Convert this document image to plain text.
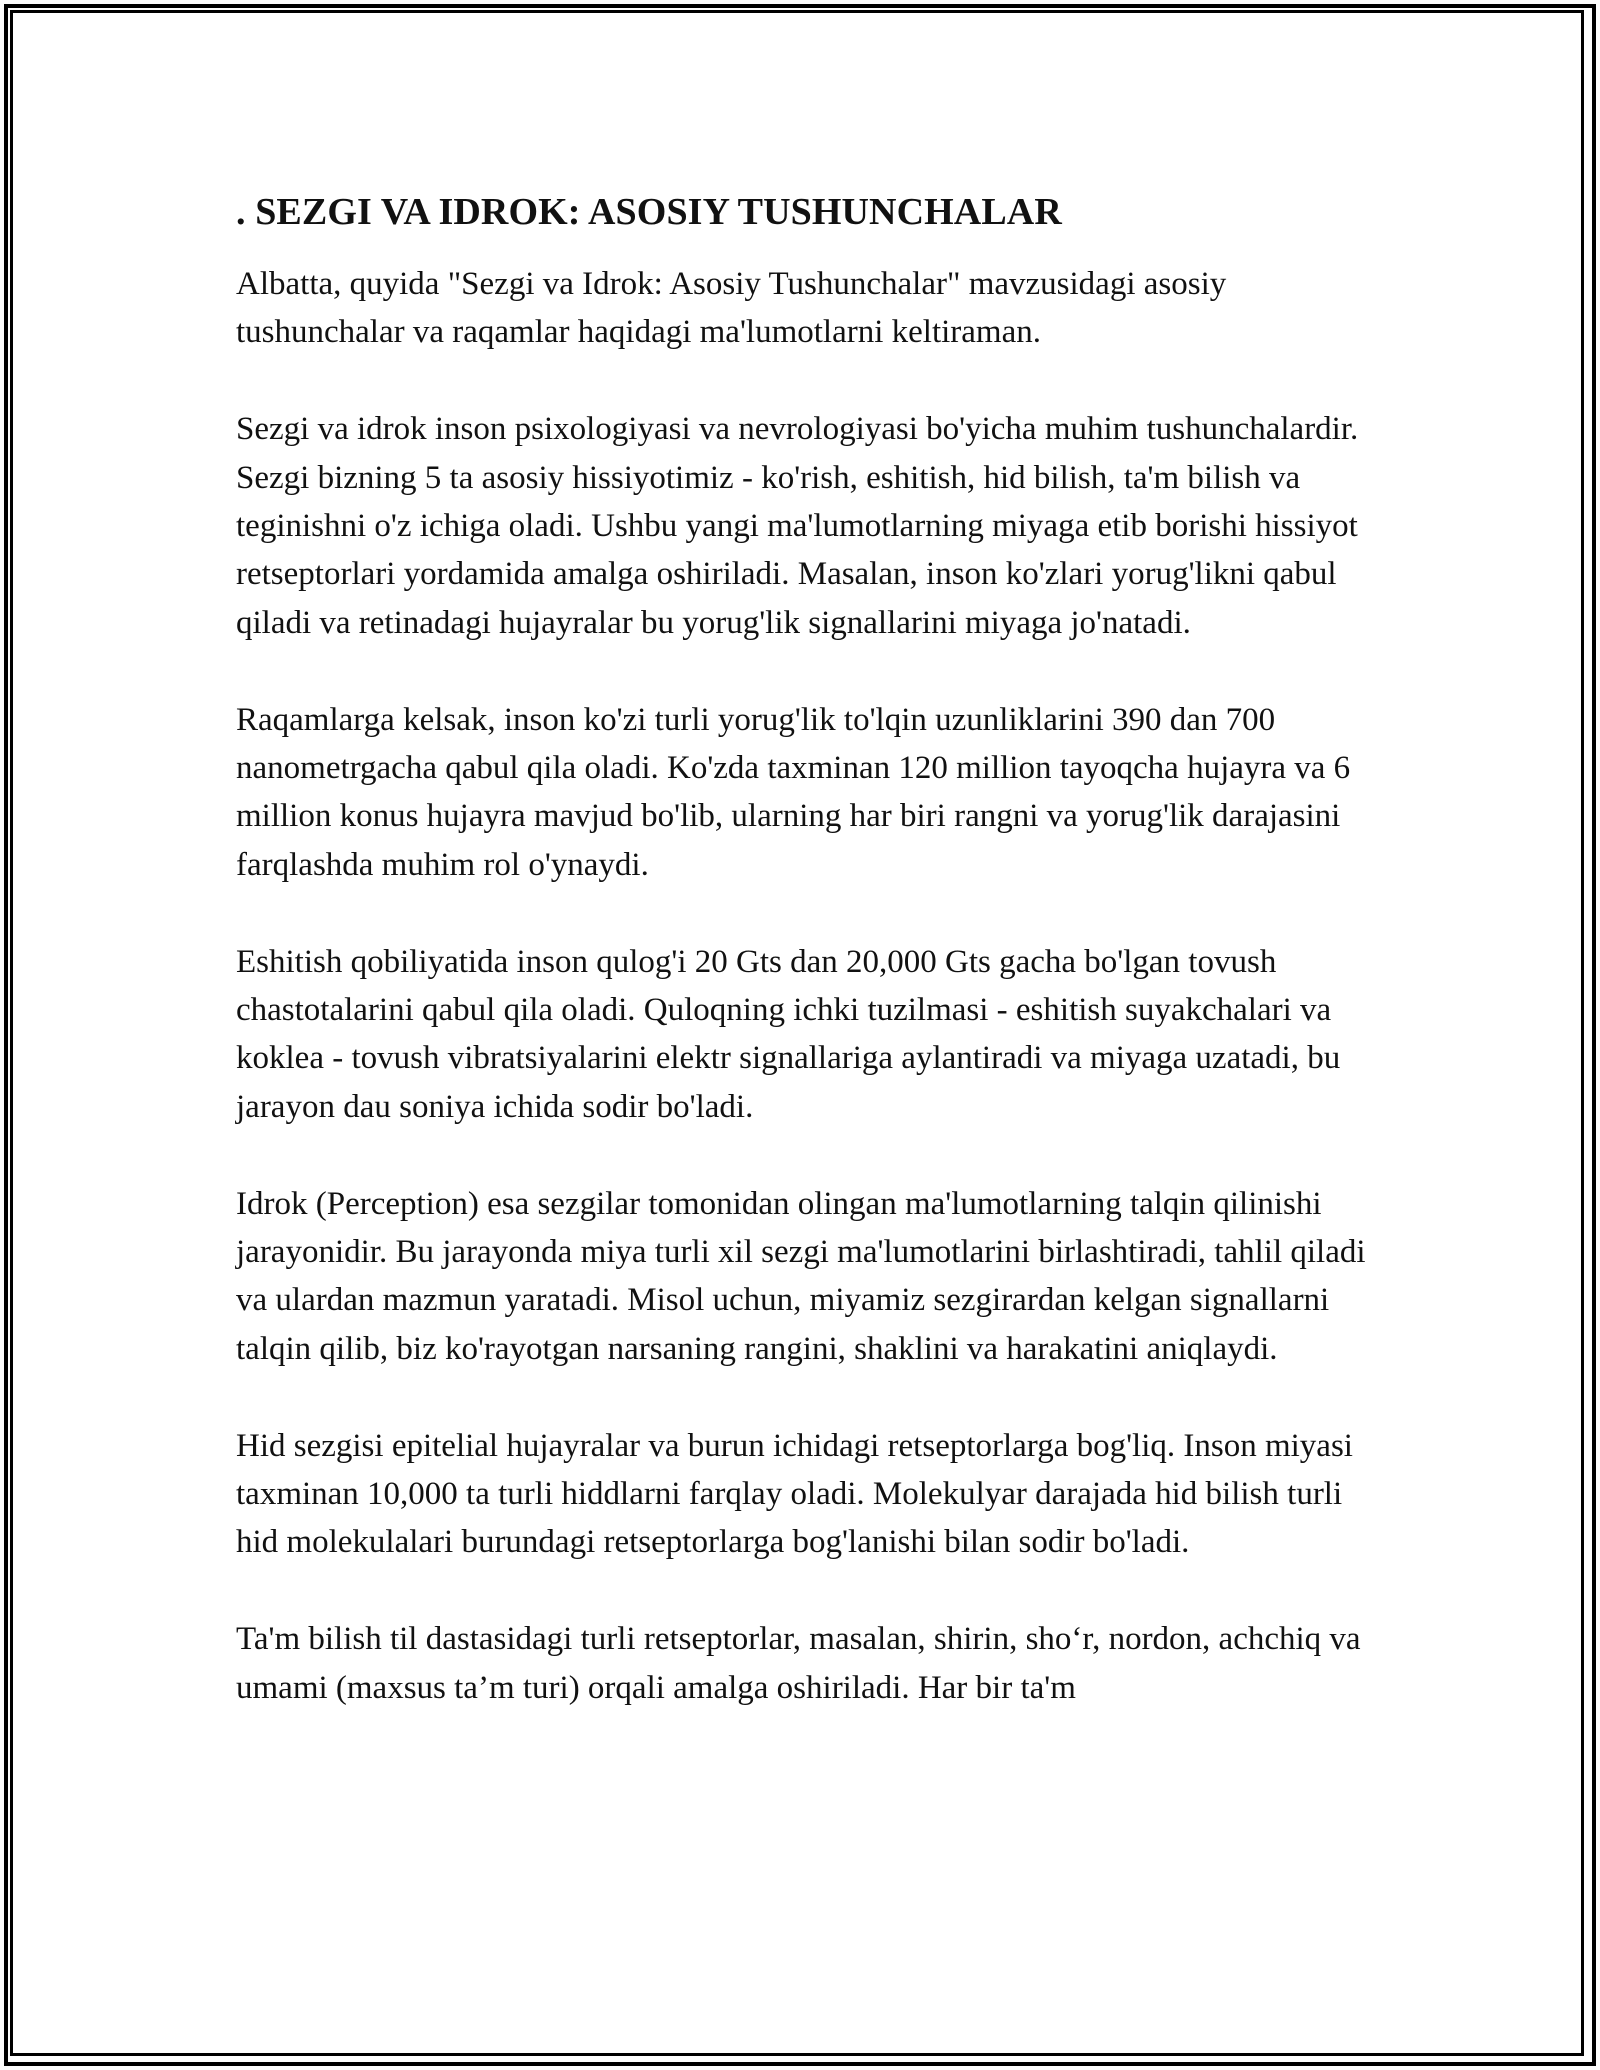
. SEZGI VA IDROK: ASOSIY TUSHUNCHALAR

Albatta, quyida "Sezgi va Idrok: Asosiy Tushunchalar" mavzusidagi asosiy tushunchalar va raqamlar haqidagi ma'lumotlarni keltiraman.

Sezgi va idrok inson psixologiyasi va nevrologiyasi bo'yicha muhim tushunchalardir. Sezgi bizning 5 ta asosiy hissiyotimiz - ko'rish, eshitish, hid bilish, ta'm bilish va teginishni o'z ichiga oladi. Ushbu yangi ma'lumotlarning miyaga etib borishi hissiyot retseptorlari yordamida amalga oshiriladi. Masalan, inson ko'zlari yorug'likni qabul qiladi va retinadagi hujayralar bu yorug'lik signallarini miyaga jo'natadi.

Raqamlarga kelsak, inson ko'zi turli yorug'lik to'lqin uzunliklarini 390 dan 700 nanometrgacha qabul qila oladi. Ko'zda taxminan 120 million tayoqcha hujayra va 6 million konus hujayra mavjud bo'lib, ularning har biri rangni va yorug'lik darajasini farqlashda muhim rol o'ynaydi.

Eshitish qobiliyatida inson qulog'i 20 Gts dan 20,000 Gts gacha bo'lgan tovush chastotalarini qabul qila oladi. Quloqning ichki tuzilmasi - eshitish suyakchalari va koklea - tovush vibratsiyalarini elektr signallariga aylantiradi va miyaga uzatadi, bu jarayon dau soniya ichida sodir bo'ladi.

Idrok (Perception) esa sezgilar tomonidan olingan ma'lumotlarning talqin qilinishi jarayonidir. Bu jarayonda miya turli xil sezgi ma'lumotlarini birlashtiradi, tahlil qiladi va ulardan mazmun yaratadi. Misol uchun, miyamiz sezgirardan kelgan signallarni talqin qilib, biz ko'rayotgan narsaning rangini, shaklini va harakatini aniqlaydi.

Hid sezgisi epitelial hujayralar va burun ichidagi retseptorlarga bog'liq. Inson miyasi taxminan 10,000 ta turli hiddlarni farqlay oladi. Molekulyar darajada hid bilish turli hid molekulalari burundagi retseptorlarga bog'lanishi bilan sodir bo'ladi.

Ta'm bilish til dastasidagi turli retseptorlar, masalan, shirin, sho‘r, nordon, achchiq va umami (maxsus ta’m turi) orqali amalga oshiriladi. Har bir ta'm
